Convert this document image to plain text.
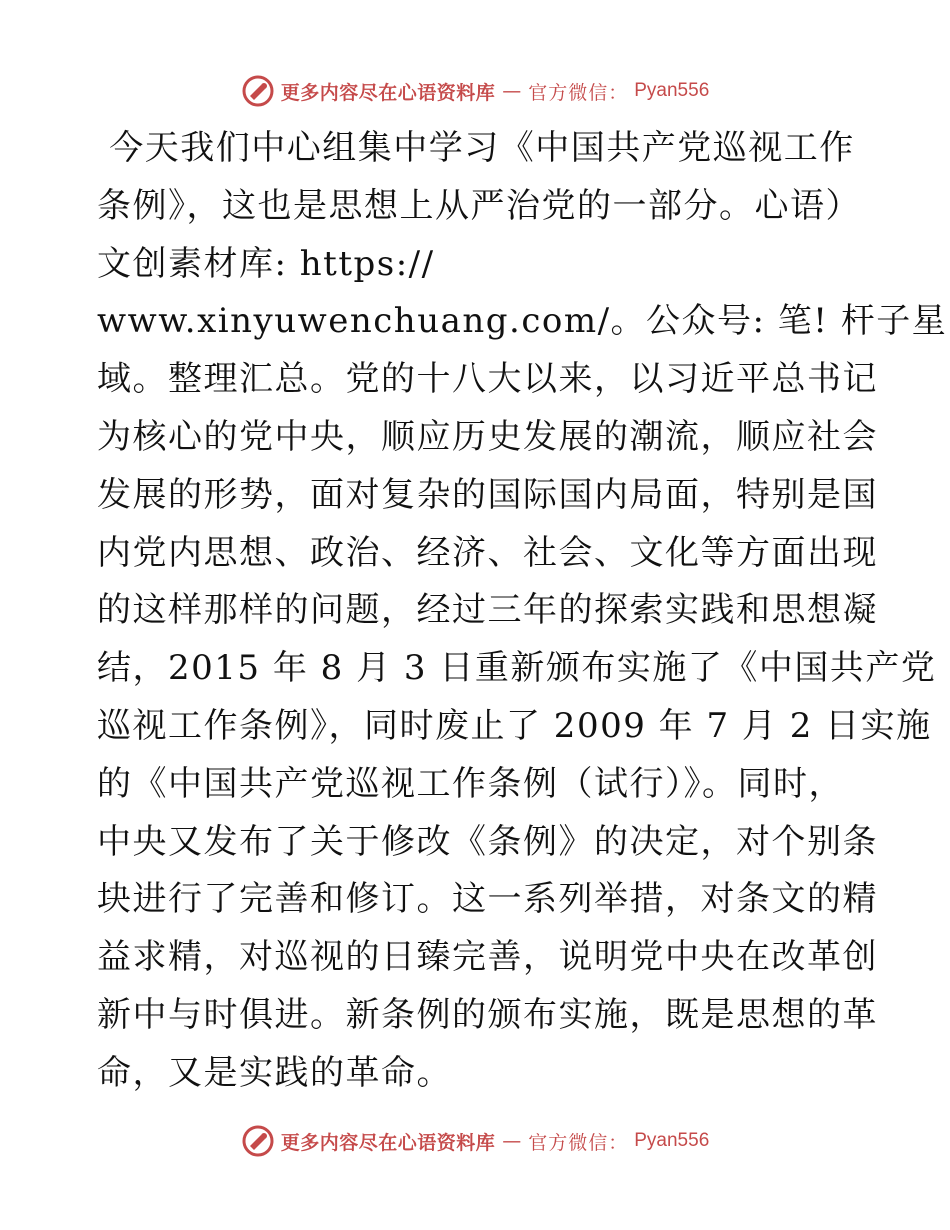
更多内容尽在心语资料库 — 官方微信： Pyan556

今天我们中心组集中学习《中国共产党巡视工作

条例》，这也是思想上从严治党的一部分。心语）

文创素材库: https://

www.xinyuwenchuang.com/。公众号: 笔! 杆子星

域。整理汇总。党的十八大以来，以习近平总书记

为核心的党中央，顺应历史发展的潮流，顺应社会

发展的形势，面对复杂的国际国内局面，特别是国

内党内思想、政治、经济、社会、文化等方面出现

的这样那样的问题，经过三年的探索实践和思想凝

结，2015 年 8 月 3 日重新颁布实施了《中国共产党

巡视工作条例》，同时废止了 2009 年 7 月 2 日实施

的《中国共产党巡视工作条例（试行）》。同时，

中央又发布了关于修改《条例》的决定，对个别条

块进行了完善和修订。这一系列举措，对条文的精

益求精，对巡视的日臻完善，说明党中央在改革创

新中与时俱进。新条例的颁布实施，既是思想的革

命，又是实践的革命。

更多内容尽在心语资料库 — 官方微信： Pyan556
